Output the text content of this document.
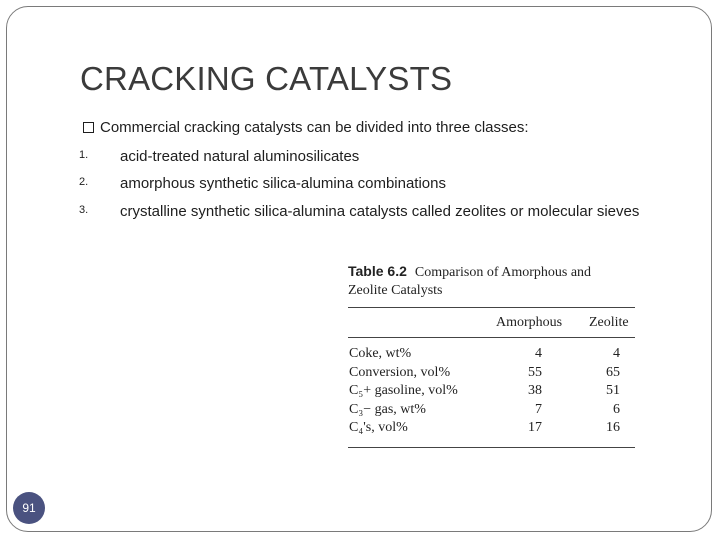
CRACKING CATALYSTS
Commercial cracking catalysts can be divided into three classes:
1. acid-treated natural aluminosilicates
2. amorphous synthetic silica-alumina combinations
3. crystalline synthetic silica-alumina catalysts called zeolites or molecular sieves
Table 6.2 Comparison of Amorphous and
Zeolite Catalysts
Amorphous Zeolite
Coke, wt%	4	4
Conversion, vol%	55	65
C₅+ gasoline, vol%	38	51
C₃− gas, wt%	7	6
C₄'s, vol%	17	16
91
